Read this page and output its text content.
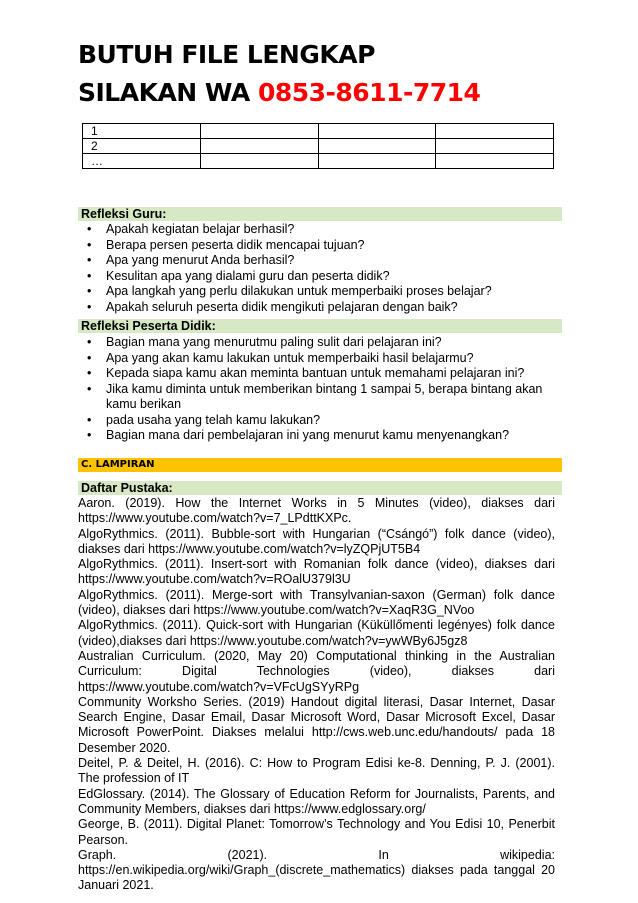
BUTUH FILE LENGKAP
SILAKAN WA 0853-8611-7714
1			
2			
…			
Refleksi Guru:
• Apakah kegiatan belajar berhasil?
• Berapa persen peserta didik mencapai tujuan?
• Apa yang menurut Anda berhasil?
• Kesulitan apa yang dialami guru dan peserta didik?
• Apa langkah yang perlu dilakukan untuk memperbaiki proses belajar?
• Apakah seluruh peserta didik mengikuti pelajaran dengan baik?
Refleksi Peserta Didik:
• Bagian mana yang menurutmu paling sulit dari pelajaran ini?
• Apa yang akan kamu lakukan untuk memperbaiki hasil belajarmu?
• Kepada siapa kamu akan meminta bantuan untuk memahami pelajaran ini?
• Jika kamu diminta untuk memberikan bintang 1 sampai 5, berapa bintang akan kamu berikan
• pada usaha yang telah kamu lakukan?
• Bagian mana dari pembelajaran ini yang menurut kamu menyenangkan?
C. LAMPIRAN
Daftar Pustaka:

Aaron. (2019). How the Internet Works in 5 Minutes (video), diakses dari https://www.youtube.com/watch?v=7_LPdttKXPc.

AlgoRythmics. (2011). Bubble-sort with Hungarian (“Csángó”) folk dance (video), diakses dari https://www.youtube.com/watch?v=lyZQPjUT5B4

AlgoRythmics. (2011). Insert-sort with Romanian folk dance (video), diakses dari https://www.youtube.com/watch?v=ROalU379l3U

AlgoRythmics. (2011). Merge-sort with Transylvanian-saxon (German) folk dance (video), diakses dari https://www.youtube.com/watch?v=XaqR3G_NVoo

AlgoRythmics. (2011). Quick-sort with Hungarian (Küküllőmenti legényes) folk dance (video),diakses dari https://www.youtube.com/watch?v=ywWBy6J5gz8

Australian Curriculum. (2020, May 20) Computational thinking in the Australian Curriculum: Digital Technologies (video), diakses dari https://www.youtube.com/watch?v=VFcUgSYyRPg

Community Worksho Series. (2019) Handout digital literasi, Dasar Internet, Dasar Search Engine, Dasar Email, Dasar Microsoft Word, Dasar Microsoft Excel, Dasar Microsoft PowerPoint. Diakses melalui http://cws.web.unc.edu/handouts/ pada 18 Desember 2020.

Deitel, P. & Deitel, H. (2016). C: How to Program Edisi ke-8. Denning, P. J. (2001). The profession of IT

EdGlossary. (2014). The Glossary of Education Reform for Journalists, Parents, and Community Members, diakses dari https://www.edglossary.org/

George, B. (2011). Digital Planet: Tomorrow’s Technology and You Edisi 10, Penerbit Pearson.

Graph. (2021). In wikipedia: https://en.wikipedia.org/wiki/Graph_(discrete_mathematics) diakses pada tanggal 20 Januari 2021.
